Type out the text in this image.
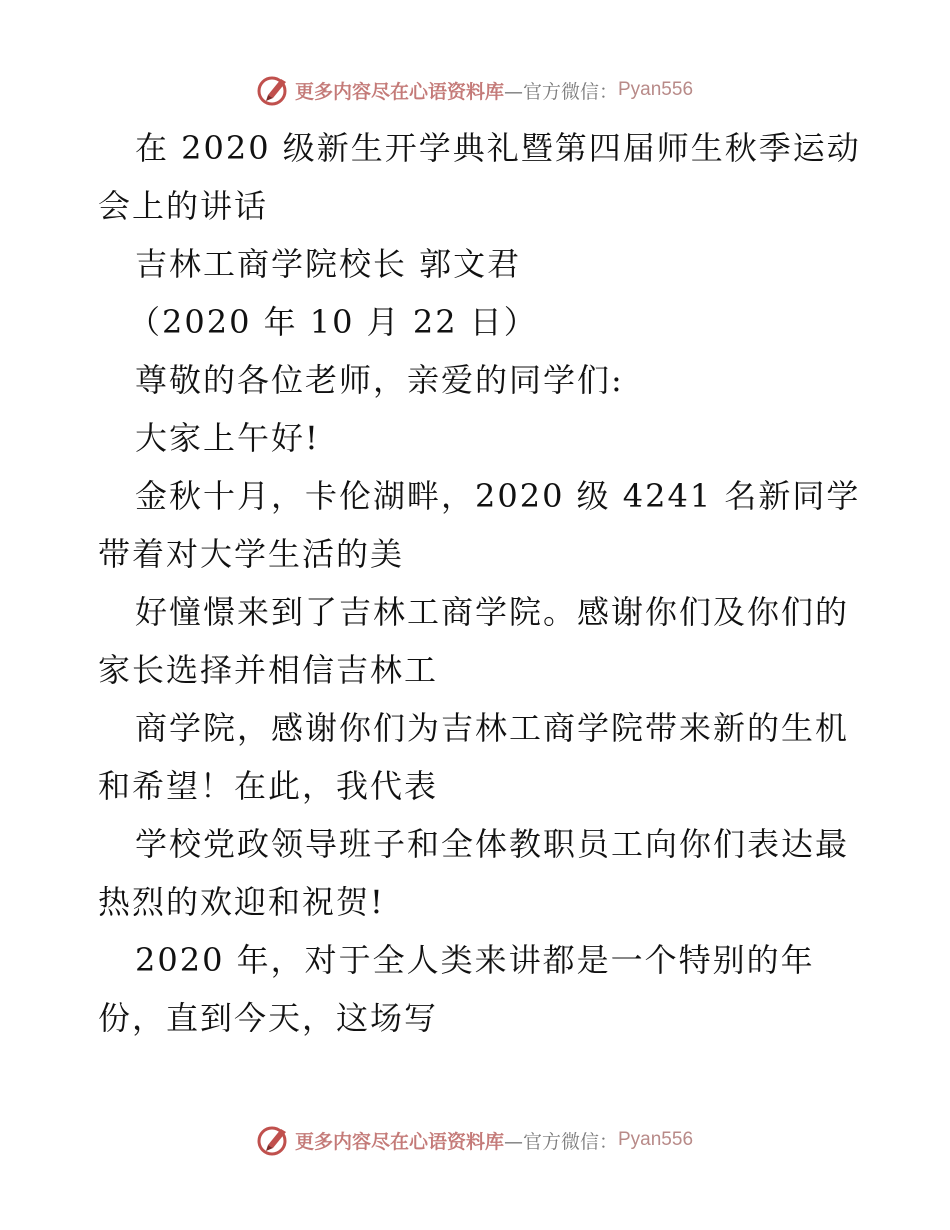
更多内容尽在心语资料库 —官方微信： Pyan556
在 2020 级新生开学典礼暨第四届师生秋季运动
会上的讲话
吉林工商学院校长 郭文君
（2020 年 10 月 22 日）
尊敬的各位老师，亲爱的同学们:
大家上午好!
金秋十月，卡伦湖畔，2020 级 4241 名新同学
带着对大学生活的美
好憧憬来到了吉林工商学院。感谢你们及你们的
家长选择并相信吉林工
商学院，感谢你们为吉林工商学院带来新的生机
和希望！在此，我代表
学校党政领导班子和全体教职员工向你们表达最
热烈的欢迎和祝贺!
2020 年，对于全人类来讲都是一个特别的年
份，直到今天，这场写
更多内容尽在心语资料库 —官方微信： Pyan556
